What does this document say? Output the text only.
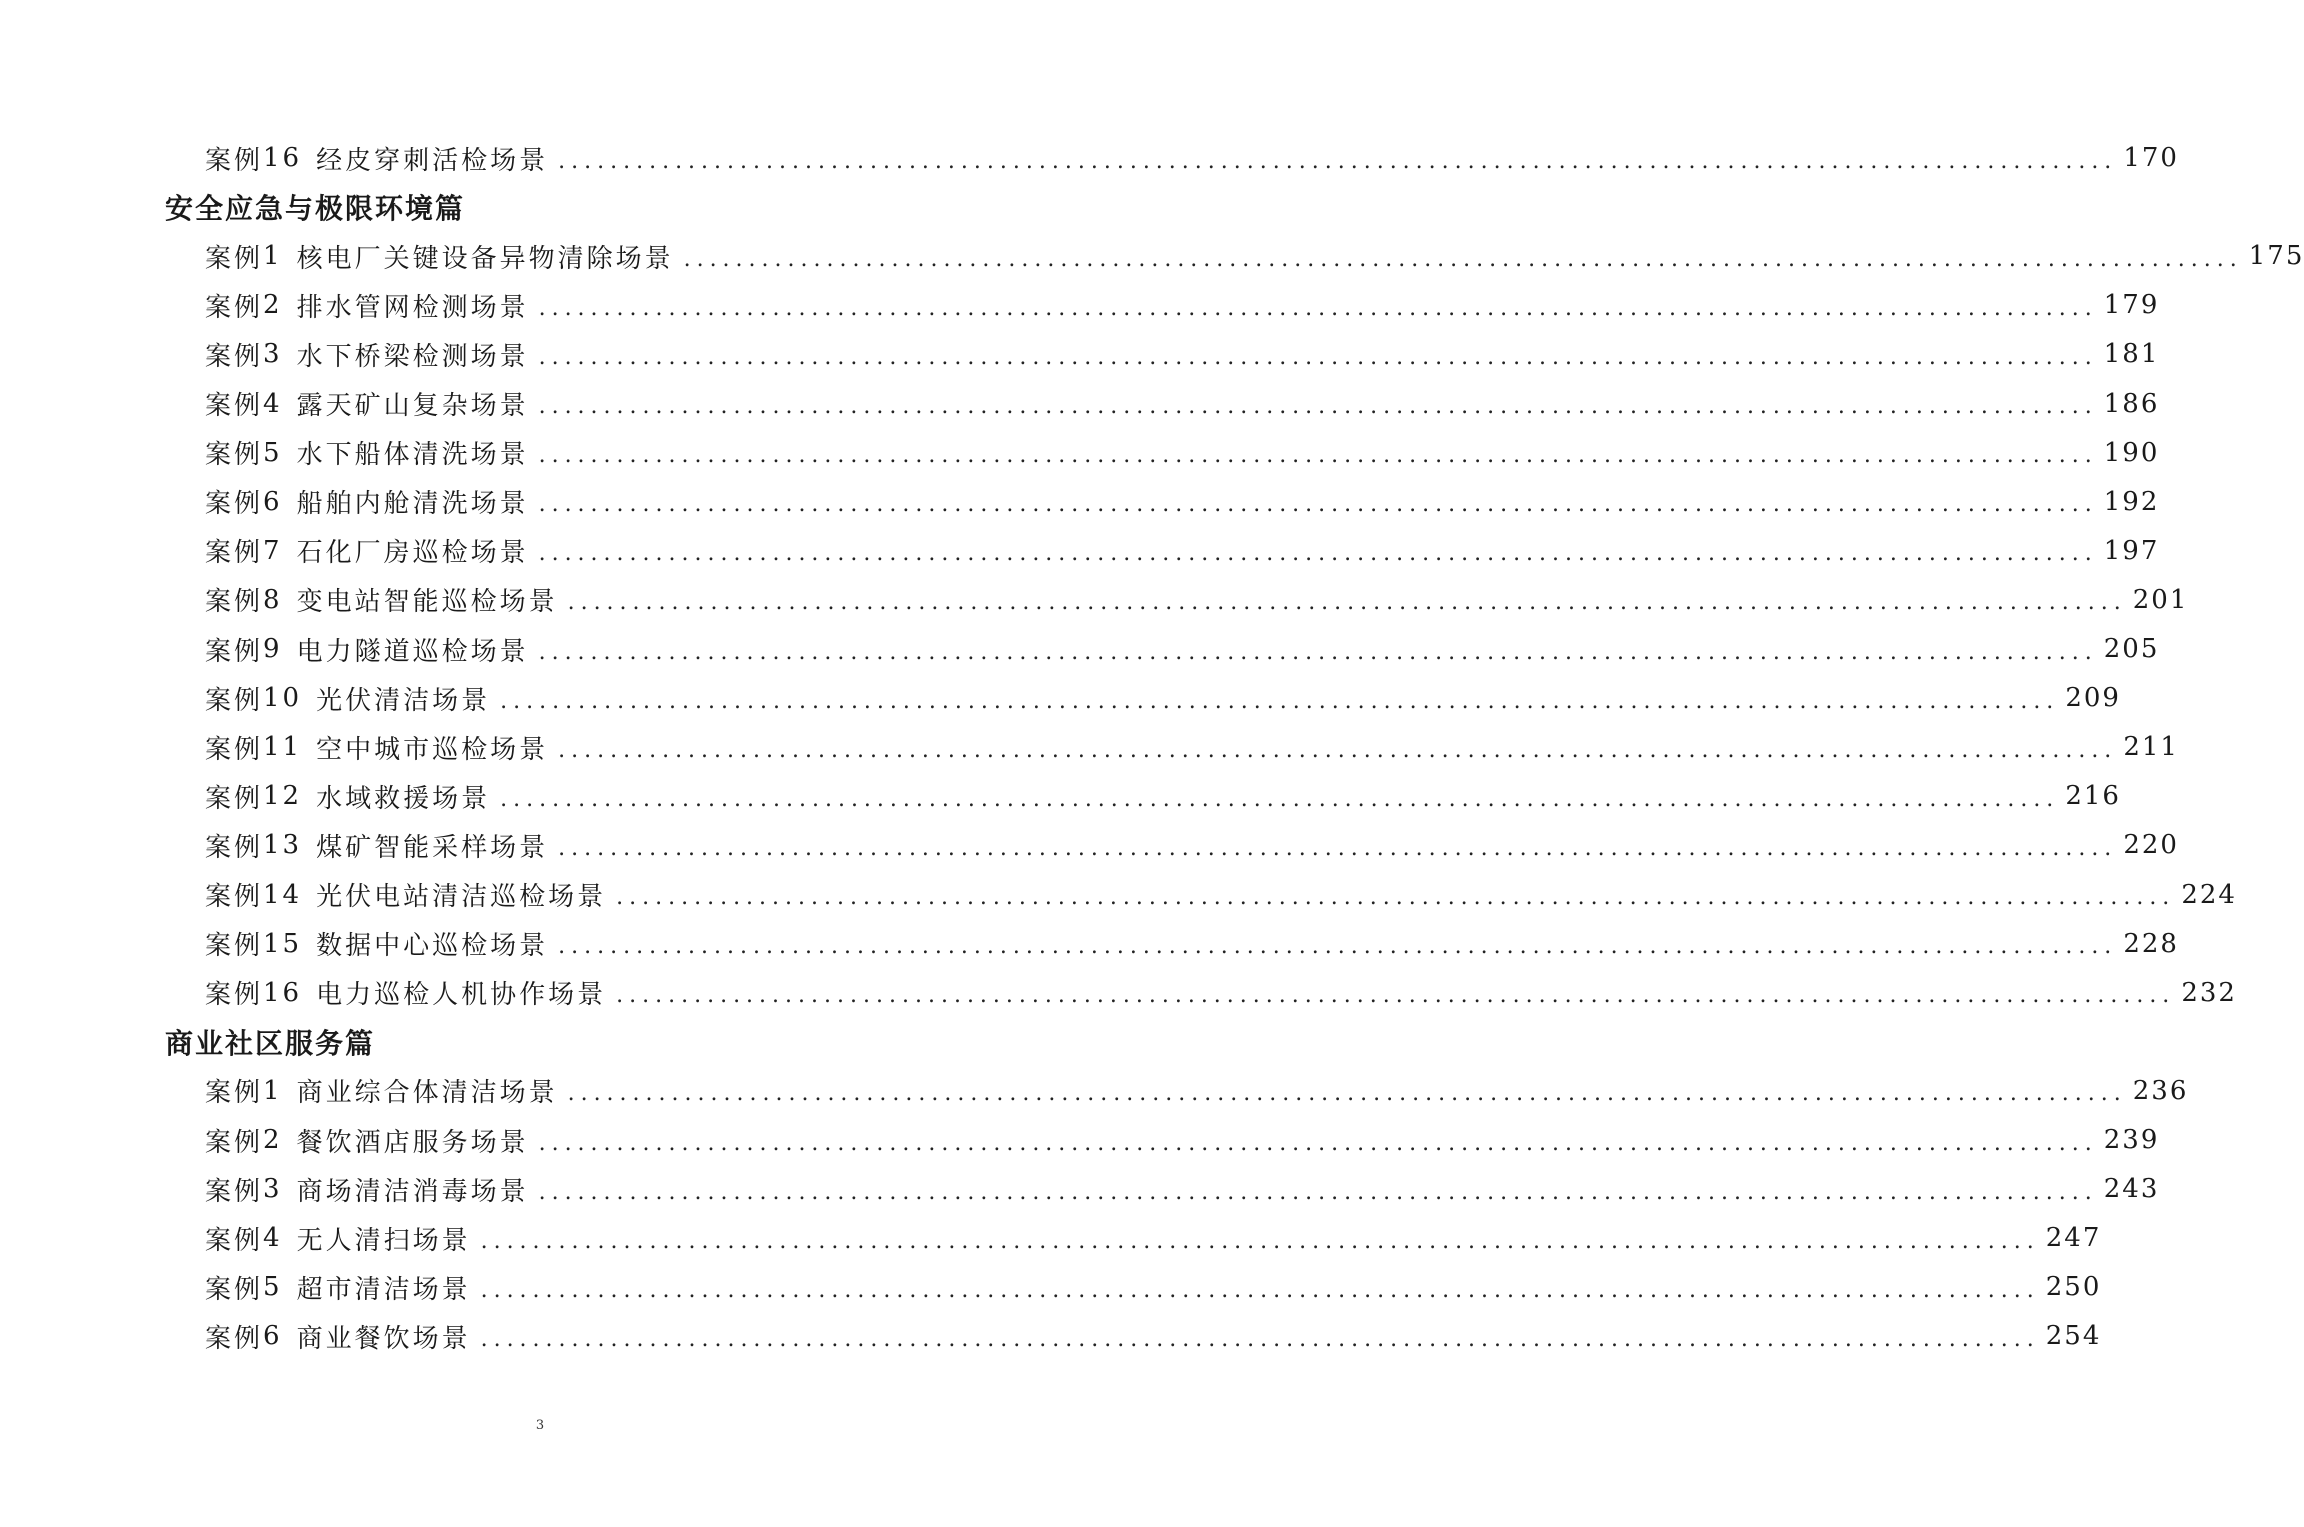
案例 16 经皮穿刺活检场景 ........................................................................................................................ 170
安全应急与极限环境篇
案例 1 核电厂关键设备异物清除场景 ........................................................................................................................ 175
案例 2 排水管网检测场景 ........................................................................................................................ 179
案例 3 水下桥梁检测场景 ........................................................................................................................ 181
案例 4 露天矿山复杂场景 ........................................................................................................................ 186
案例 5 水下船体清洗场景 ........................................................................................................................ 190
案例 6 船舶内舱清洗场景 ........................................................................................................................ 192
案例 7 石化厂房巡检场景 ........................................................................................................................ 197
案例 8 变电站智能巡检场景 ........................................................................................................................ 201
案例 9 电力隧道巡检场景 ........................................................................................................................ 205
案例 10 光伏清洁场景 ........................................................................................................................ 209
案例 11 空中城市巡检场景 ........................................................................................................................ 211
案例 12 水域救援场景 ........................................................................................................................ 216
案例 13 煤矿智能采样场景 ........................................................................................................................ 220
案例 14 光伏电站清洁巡检场景 ........................................................................................................................ 224
案例 15 数据中心巡检场景 ........................................................................................................................ 228
案例 16 电力巡检人机协作场景 ........................................................................................................................ 232
商业社区服务篇
案例 1 商业综合体清洁场景 ........................................................................................................................ 236
案例 2 餐饮酒店服务场景 ........................................................................................................................ 239
案例 3 商场清洁消毒场景 ........................................................................................................................ 243
案例 4 无人清扫场景 ........................................................................................................................ 247
案例 5 超市清洁场景 ........................................................................................................................ 250
案例 6 商业餐饮场景 ........................................................................................................................ 254
3
